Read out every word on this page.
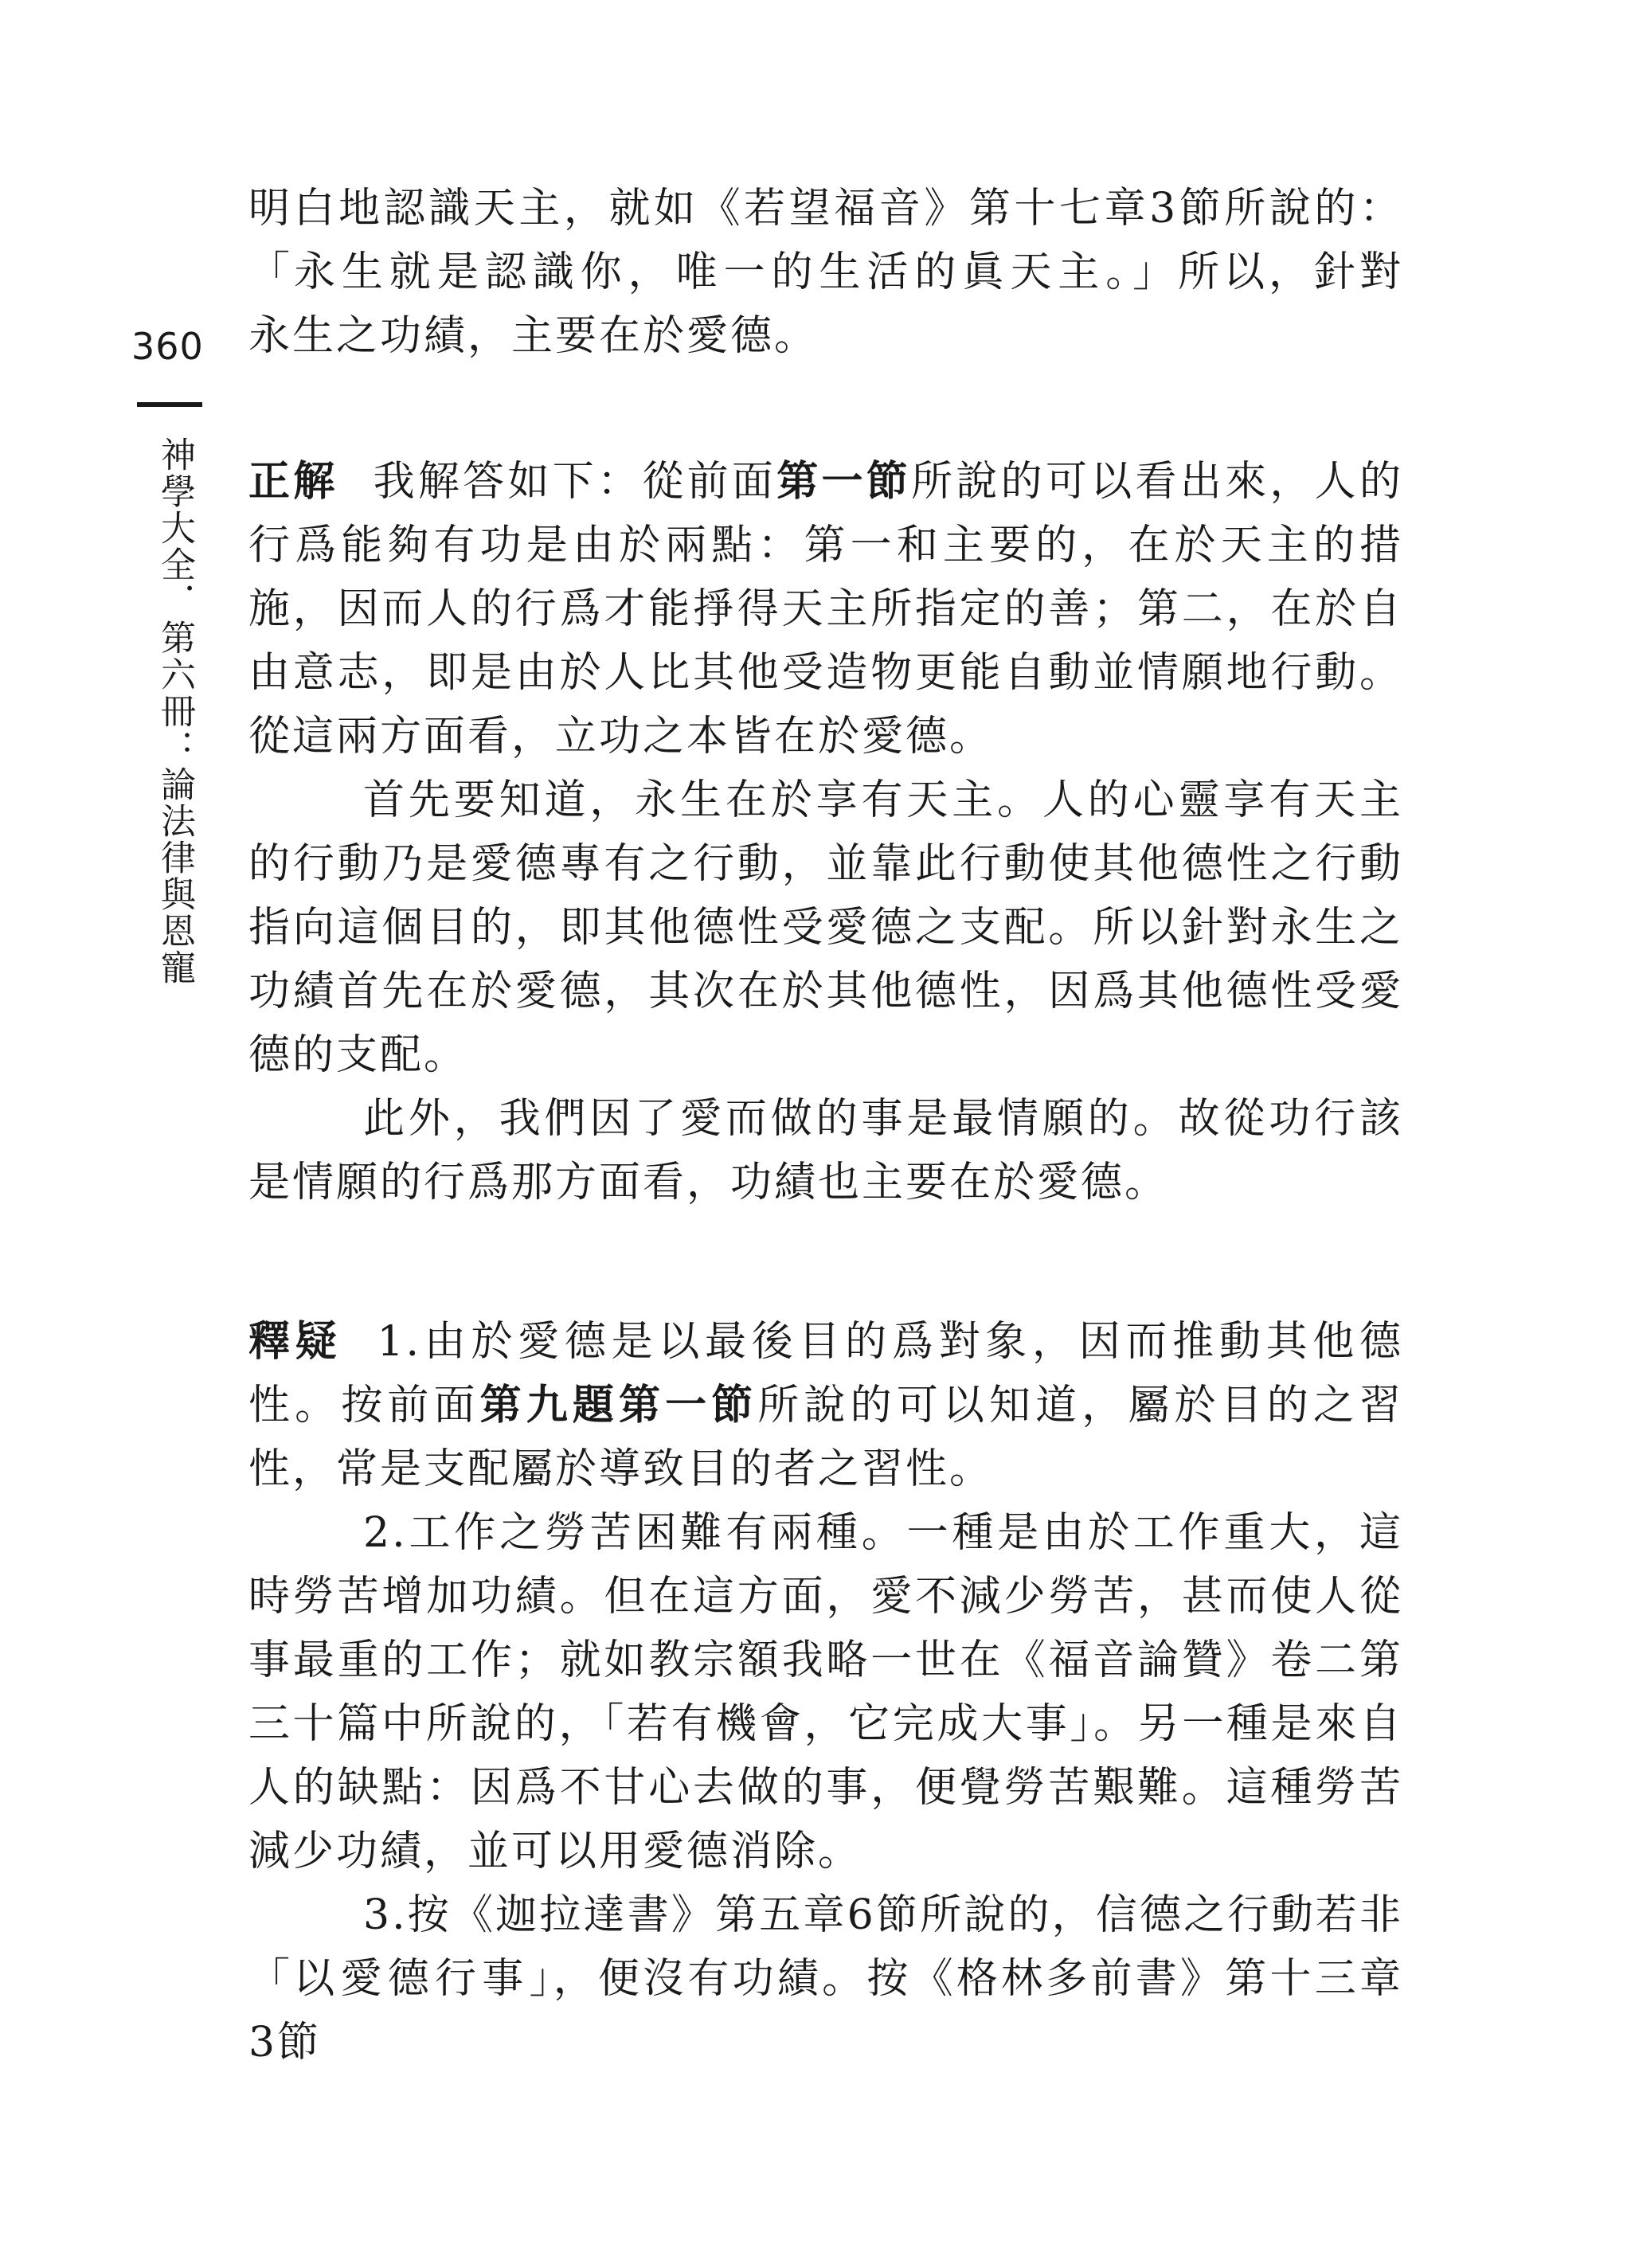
360
神學大全．第六冊：論法律與恩寵

明白地認識天主，就如《若望福音》第十七章3節所說的：「永生就是認識你，唯一的生活的眞天主。」所以，針對永生之功績，主要在於愛德。

正解 我解答如下：從前面第一節所說的可以看出來，人的行爲能夠有功是由於兩點：第一和主要的，在於天主的措施，因而人的行爲才能掙得天主所指定的善；第二，在於自由意志，即是由於人比其他受造物更能自動並情願地行動。從這兩方面看，立功之本皆在於愛德。

首先要知道，永生在於享有天主。人的心靈享有天主的行動乃是愛德專有之行動，並靠此行動使其他德性之行動指向這個目的，即其他德性受愛德之支配。所以針對永生之功績首先在於愛德，其次在於其他德性，因爲其他德性受愛德的支配。

此外，我們因了愛而做的事是最情願的。故從功行該是情願的行爲那方面看，功績也主要在於愛德。

釋疑 1.由於愛德是以最後目的爲對象，因而推動其他德性。按前面第九題第一節所說的可以知道，屬於目的之習性，常是支配屬於導致目的者之習性。

2.工作之勞苦困難有兩種。一種是由於工作重大，這時勞苦增加功績。但在這方面，愛不減少勞苦，甚而使人從事最重的工作；就如教宗額我略一世在《福音論贊》卷二第三十篇中所說的，「若有機會，它完成大事」。另一種是來自人的缺點：因爲不甘心去做的事，便覺勞苦艱難。這種勞苦減少功績，並可以用愛德消除。

3.按《迦拉達書》第五章6節所說的，信德之行動若非「以愛德行事」，便沒有功績。按《格林多前書》第十三章3節
